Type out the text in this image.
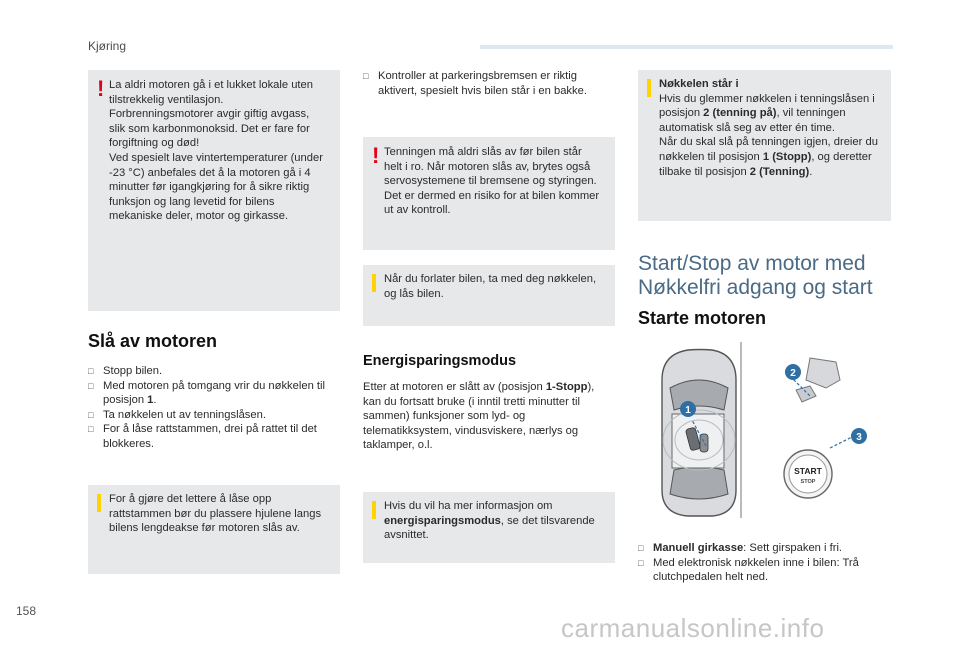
Kjøring
! La aldri motoren gå i et lukket lokale uten tilstrekkelig ventilasjon. Forbrenningsmotorer avgir giftig avgass, slik som karbonmonoksid. Det er fare for forgiftning og død!
Ved spesielt lave vintertemperaturer (under -23 °C) anbefales det å la motoren gå i 4 minutter før igangkjøring for å sikre riktig funksjon og lang levetid for bilens mekaniske deler, motor og girkasse.
Slå av motoren
□ Stopp bilen.
□ Med motoren på tomgang vrir du nøkkelen til posisjon 1.
□ Ta nøkkelen ut av tenningslåsen.
□ For å låse rattstammen, drei på rattet til det blokkeres.
For å gjøre det lettere å låse opp rattstammen bør du plassere hjulene langs bilens lengdeakse før motoren slås av.
□ Kontroller at parkeringsbremsen er riktig aktivert, spesielt hvis bilen står i en bakke.
! Tenningen må aldri slås av før bilen står helt i ro. Når motoren slås av, brytes også servosystemene til bremsene og styringen. Det er dermed en risiko for at bilen kommer ut av kontroll.
Når du forlater bilen, ta med deg nøkkelen, og lås bilen.
Energisparingsmodus
Etter at motoren er slått av (posisjon 1-Stopp), kan du fortsatt bruke (i inntil tretti minutter til sammen) funksjoner som lyd- og telematikksystem, vindusviskere, nærlys og taklamper, o.l.
Hvis du vil ha mer informasjon om energisparingsmodus, se det tilsvarende avsnittet.
Nøkkelen står i
Hvis du glemmer nøkkelen i tenningslåsen i posisjon 2 (tenning på), vil tenningen automatisk slå seg av etter én time.
Når du skal slå på tenningen igjen, dreier du nøkkelen til posisjon 1 (Stopp), og deretter tilbake til posisjon 2 (Tenning).
Start/Stop av motor med
Nøkkelfri adgang og start
Starte motoren
1
2
3
START
STOP
□ Manuell girkasse: Sett girspaken i fri.
□ Med elektronisk nøkkelen inne i bilen: Trå clutchpedalen helt ned.
158
carmanualsonline.info
